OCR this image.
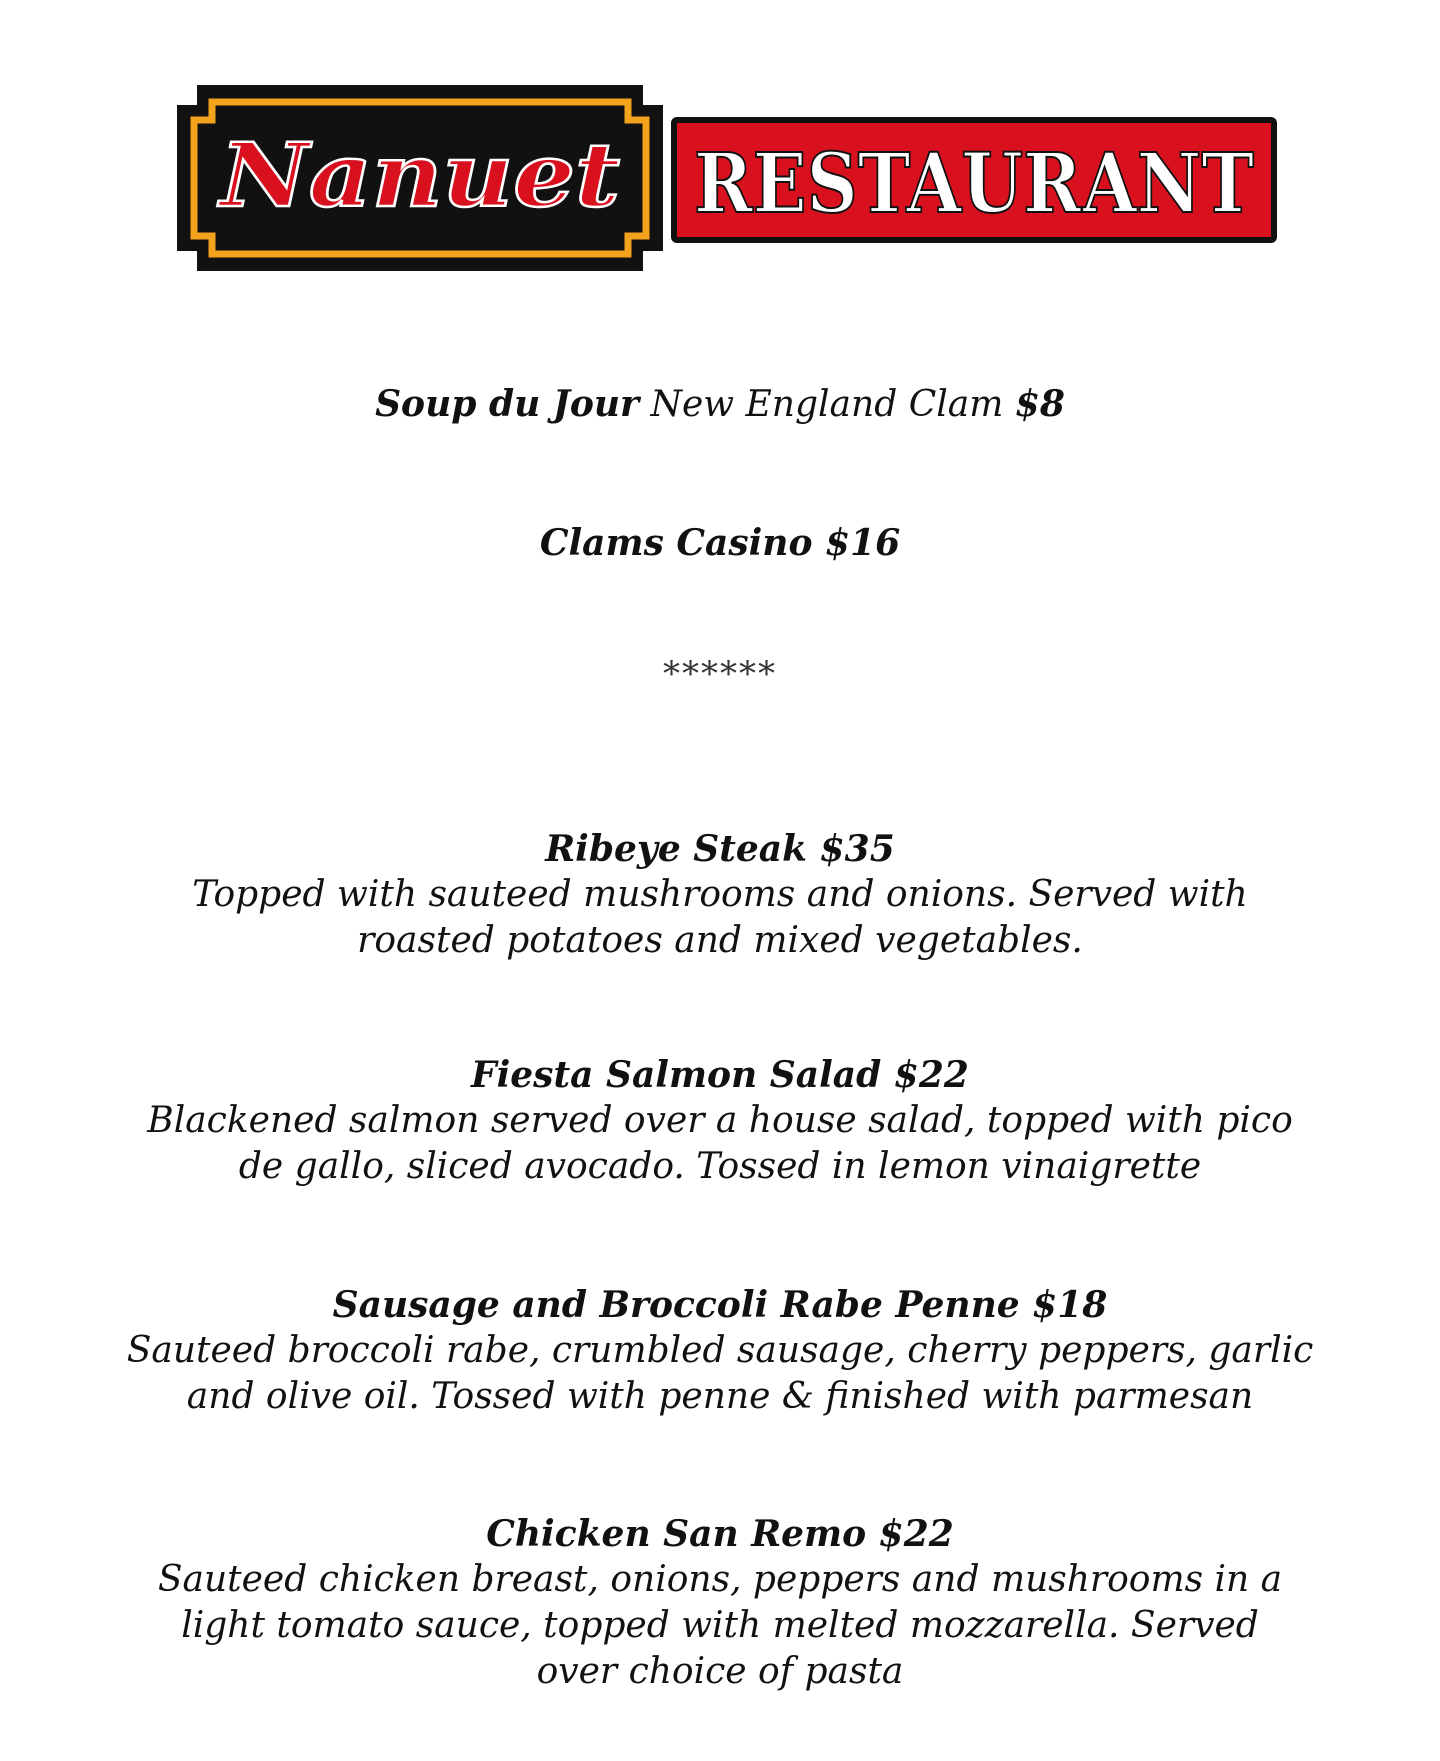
Nanuet RESTAURANT
Soup du Jour New England Clam $8
Clams Casino $16
******
Ribeye Steak $35
Topped with sauteed mushrooms and onions. Served with
roasted potatoes and mixed vegetables.
Fiesta Salmon Salad $22
Blackened salmon served over a house salad, topped with pico
de gallo, sliced avocado. Tossed in lemon vinaigrette
Sausage and Broccoli Rabe Penne $18
Sauteed broccoli rabe, crumbled sausage, cherry peppers, garlic
and olive oil. Tossed with penne & finished with parmesan
Chicken San Remo $22
Sauteed chicken breast, onions, peppers and mushrooms in a
light tomato sauce, topped with melted mozzarella. Served
over choice of pasta
